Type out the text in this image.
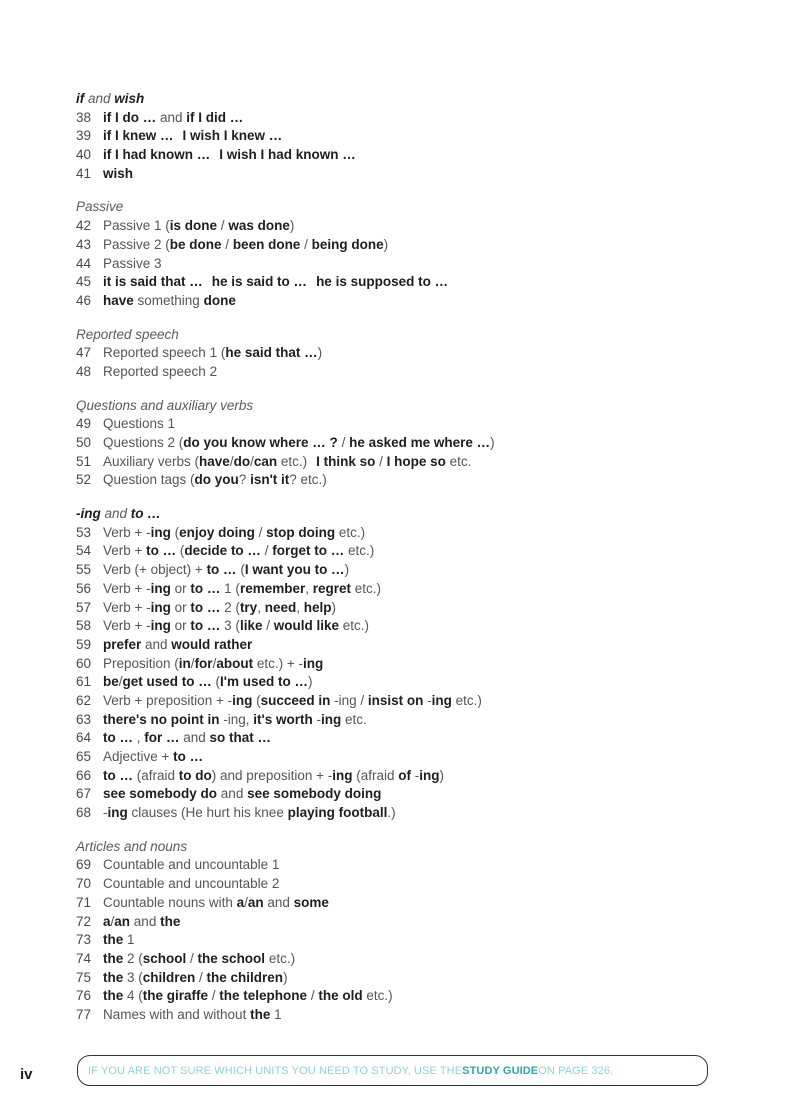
if and wish
38 if I do … and if I did …
39 if I knew … I wish I knew …
40 if I had known … I wish I had known …
41 wish
Passive
42 Passive 1 (is done / was done)
43 Passive 2 (be done / been done / being done)
44 Passive 3
45 it is said that … he is said to … he is supposed to …
46 have something done
Reported speech
47 Reported speech 1 (he said that …)
48 Reported speech 2
Questions and auxiliary verbs
49 Questions 1
50 Questions 2 (do you know where … ? / he asked me where …)
51 Auxiliary verbs (have/do/can etc.) I think so / I hope so etc.
52 Question tags (do you? isn't it? etc.)
-ing and to …
53 Verb + -ing (enjoy doing / stop doing etc.)
54 Verb + to … (decide to … / forget to … etc.)
55 Verb (+ object) + to … (I want you to …)
56 Verb + -ing or to … 1 (remember, regret etc.)
57 Verb + -ing or to … 2 (try, need, help)
58 Verb + -ing or to … 3 (like / would like etc.)
59 prefer and would rather
60 Preposition (in/for/about etc.) + -ing
61 be/get used to … (I'm used to …)
62 Verb + preposition + -ing (succeed in -ing / insist on -ing etc.)
63 there's no point in -ing, it's worth -ing etc.
64 to … , for … and so that …
65 Adjective + to …
66 to … (afraid to do) and preposition + -ing (afraid of -ing)
67 see somebody do and see somebody doing
68 -ing clauses (He hurt his knee playing football.)
Articles and nouns
69 Countable and uncountable 1
70 Countable and uncountable 2
71 Countable nouns with a/an and some
72 a/an and the
73 the 1
74 the 2 (school / the school etc.)
75 the 3 (children / the children)
76 the 4 (the giraffe / the telephone / the old etc.)
77 Names with and without the 1
iv	IF YOU ARE NOT SURE WHICH UNITS YOU NEED TO STUDY, USE THE STUDY GUIDE ON PAGE 326.
